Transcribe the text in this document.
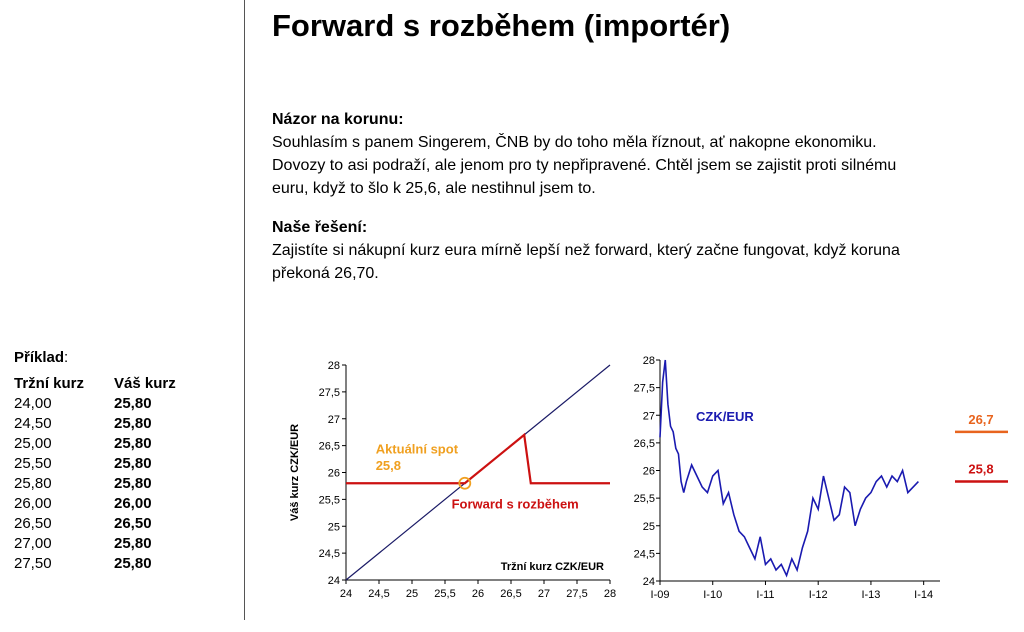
Forward s rozběhem (importér)
Názor na korunu:
Souhlasím s panem Singerem, ČNB by do toho měla říznout, ať nakopne ekonomiku.
Dovozy to asi podraží, ale jenom pro ty nepřipravené. Chtěl jsem se zajistit proti silnému
euru, když to šlo k 25,6, ale nestihnul jsem to.
Naše řešení:
Zajistíte si nákupní kurz eura mírně lepší než forward, který začne fungovat, když koruna
překoná 26,70.
Příklad:
Tržní kurz	Váš kurz
24,00	25,80
24,50	25,80
25,00	25,80
25,50	25,80
25,80	25,80
26,00	26,00
26,50	26,50
27,00	25,80
27,50	25,80
24
24,5
25
25,5
26
26,5
27
27,5
28
24 24,5 25 25,5 26 26,5 27 27,5 28
Váš kurz CZK/EUR
Tržní kurz CZK/EUR
Forward s rozběhem
Aktuální spot
25,8
24
24,5
25
25,5
26
26,5
27
27,5
28
I-09	I-10	I-11	I-12	I-13	I-14
CZK/EUR	26,7
25,8
